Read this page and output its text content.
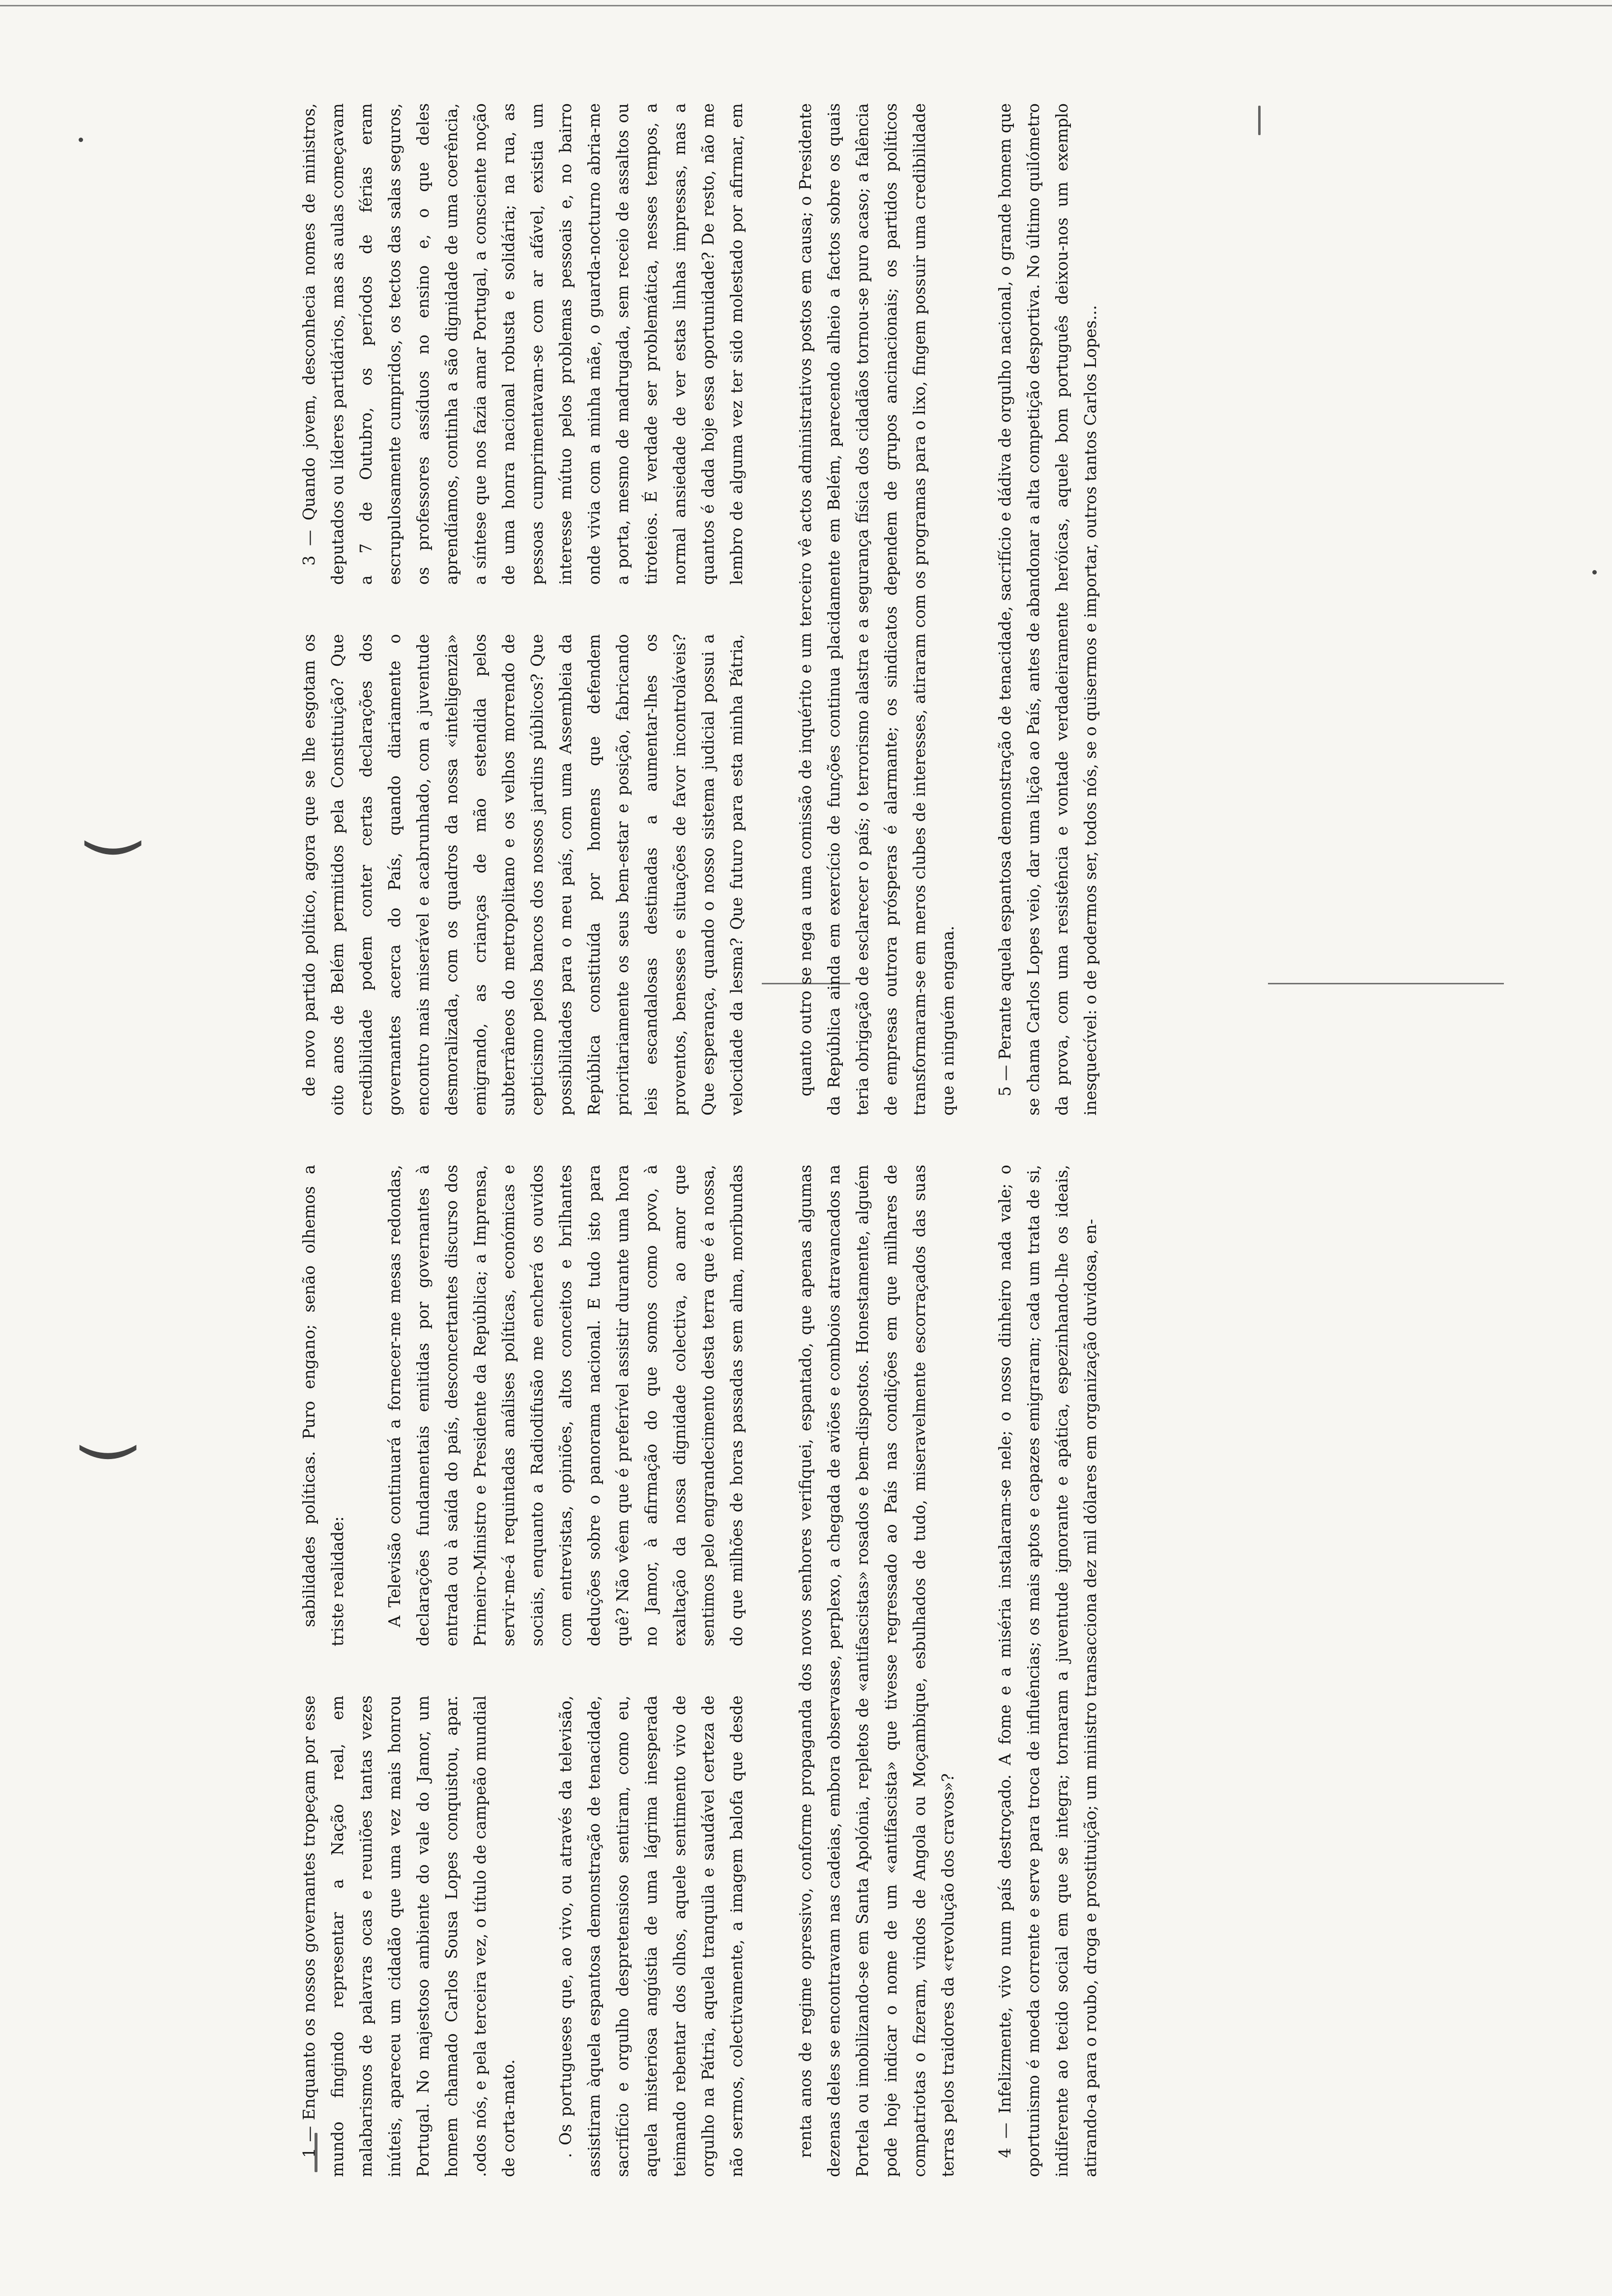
(
(

1 — Enquanto os nossos governantes tropeçam por esse mundo fingindo representar a Nação real, em malabarismos de palavras ocas e reuniões tantas vezes inúteis, apareceu um cidadão que uma vez mais honrou Portugal. No majestoso ambiente do vale do Jamor, um homem chamado Carlos Sousa Lopes conquistou, apar. .odos nós, e pela terceira vez, o título de campeão mundial de corta-mato.	. Os portugueses que, ao vivo, ou através da televisão, assistiram àquela espantosa demonstração de tenacidade, sacrifício e orgulho despretensioso sentiram, como eu, aquela misteriosa angústia de uma lágrima inesperada teimando rebentar dos olhos, aquele sentimento vivo de orgulho na Pátria, aquela tranquila e saudável certeza de não sermos, colectivamente, a imagem balofa que desde

sabilidades políticas. Puro engano; senão olhemos a triste realidade:	A Televisão continuará a fornecer-me mesas redondas, declarações fundamentais emitidas por governantes à entrada ou à saída do país, desconcertantes discurso dos Primeiro-Ministro e Presidente da República; a Imprensa, servir-me-á requintadas análises políticas, económicas e sociais, enquanto a Radiodifusão me encherá os ouvidos com entrevistas, opiniões, altos conceitos e brilhantes deduções sobre o panorama nacional. E tudo isto para quê? Não vêem que é preferível assistir durante uma hora no Jamor, à afirmação do que somos como povo, à exaltação da nossa dignidade colectiva, ao amor que sentimos pelo engrandecimento desta terra que é a nossa, do que milhões de horas passadas sem alma, moribundas

de novo partido político, agora que se lhe esgotam os oito anos de Belém permitidos pela Constituição? Que credibilidade podem conter certas declarações dos governantes acerca do País, quando diariamente o encontro mais miserável e acabrunhado, com a juventude desmoralizada, com os quadros da nossa «inteligenzia» emigrando, as crianças de mão estendida pelos subterrâneos do metropolitano e os velhos morrendo de cepticismo pelos bancos dos nossos jardins públicos? Que possibilidades para o meu país, com uma Assembleia da República constituída por homens que defendem prioritariamente os seus bem-estar e posição, fabricando leis escandalosas destinadas a aumentar-lhes os proventos, benesses e situações de favor incontroláveis? Que esperança, quando o nosso sistema judicial possui a velocidade da lesma? Que futuro para esta minha Pátria,

3 — Quando jovem, desconhecia nomes de ministros, deputados ou líderes partidários, mas as aulas começavam a 7 de Outubro, os períodos de férias eram escrupulosamente cumpridos, os tectos das salas seguros, os professores assíduos no ensino e, o que deles aprendíamos, continha a são dignidade de uma coerência, a síntese que nos fazia amar Portugal, a consciente noção de uma honra nacional robusta e solidária; na rua, as pessoas cumprimentavam-se com ar afável, existia um interesse mútuo pelos problemas pessoais e, no bairro onde vivia com a minha mãe, o guarda-nocturno abria-me a porta, mesmo de madrugada, sem receio de assaltos ou tiroteios. É verdade ser problemática, nesses tempos, a normal ansiedade de ver estas linhas impressas, mas a quantos é dada hoje essa oportunidade? De resto, não me lembro de alguma vez ter sido molestado por afirmar, em

renta anos de regime opressivo, conforme propaganda dos novos senhores verifiquei, espantado, que apenas algumas dezenas deles se encontravam nas cadeias, embora observasse, perplexo, a chegada de aviões e comboios atravancados na Portela ou imobilizando-se em Santa Apolónia, repletos de «antifascistas» rosados e bem-dispostos. Honestamente, alguém pode hoje indicar o nome de um «antifascista» que tivesse regressado ao País nas condições em que milhares de compatriotas o fizeram, vindos de Angola ou Moçambique, esbulhados de tudo, miseravelmente escorraçados das suas terras pelos traidores da «revolução dos cravos»?	4 — Infelizmente, vivo num país destroçado. A fome e a miséria instalaram-se nele; o nosso dinheiro nada vale; o oportunismo é moeda corrente e serve para troca de influências; os mais aptos e capazes emigraram; cada um trata de si, indiferente ao tecido social em que se integra; tornaram a juventude ignorante e apática, espezinhando-lhe os ideais, atirando-a para o roubo, droga e prostituição; um ministro transacciona dez mil dólares em organização duvidosa, en-

quanto outro se nega a uma comissão de inquérito e um terceiro vê actos administrativos postos em causa; o Presidente da República ainda em exercício de funções continua placidamente em Belém, parecendo alheio a factos sobre os quais teria obrigação de esclarecer o país; o terrorismo alastra e a segurança física dos cidadãos tornou-se puro acaso; a falência de empresas outrora prósperas é alarmante; os sindicatos dependem de grupos ancinacionais; os partidos políticos transformaram-se em meros clubes de interesses, atiraram com os programas para o lixo, fingem possuir uma credibilidade que a ninguém engana.	5 — Perante aquela espantosa demonstração de tenacidade, sacrifício e dádiva de orgulho nacional, o grande homem que se chama Carlos Lopes veio, dar uma lição ao País, antes de abandonar a alta competição desportiva. No último quilómetro da prova, com uma resistência e vontade verdadeiramente heróicas, aquele bom português deixou-nos um exemplo inesquecível: o de podermos ser, todos nós, se o quisermos e importar, outros tantos Carlos Lopes...
